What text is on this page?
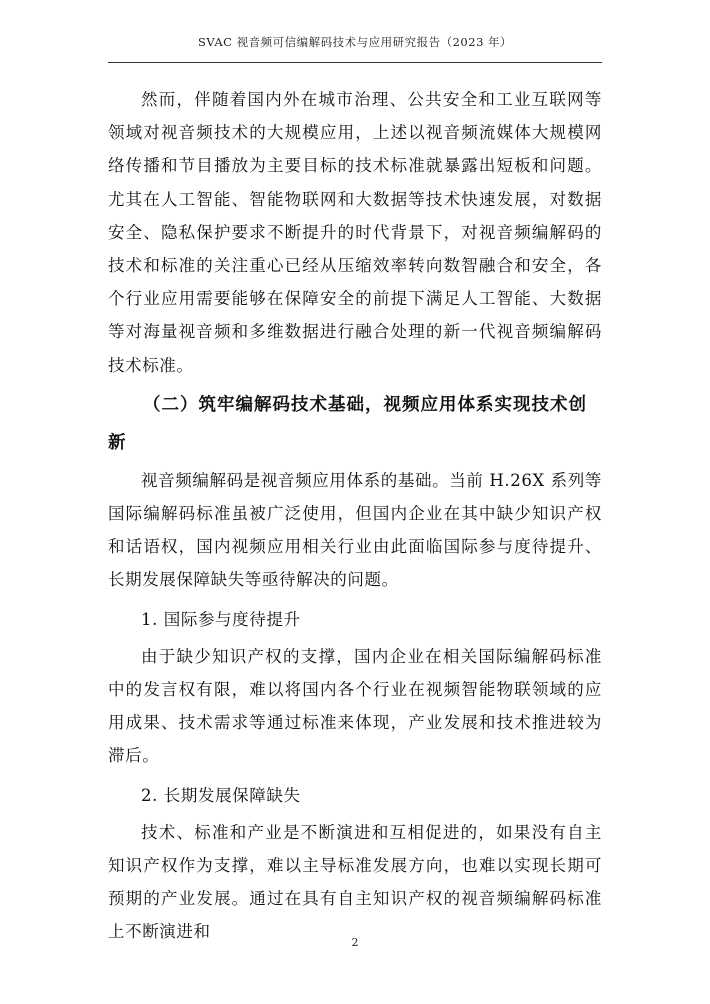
SVAC 视音频可信编解码技术与应用研究报告（2023 年）

然而，伴随着国内外在城市治理、公共安全和工业互联网等领域对视音频技术的大规模应用，上述以视音频流媒体大规模网络传播和节目播放为主要目标的技术标准就暴露出短板和问题。尤其在人工智能、智能物联网和大数据等技术快速发展，对数据安全、隐私保护要求不断提升的时代背景下，对视音频编解码的技术和标准的关注重心已经从压缩效率转向数智融合和安全，各个行业应用需要能够在保障安全的前提下满足人工智能、大数据等对海量视音频和多维数据进行融合处理的新一代视音频编解码技术标准。

（二）筑牢编解码技术基础，视频应用体系实现技术创新

视音频编解码是视音频应用体系的基础。当前 H.26X 系列等国际编解码标准虽被广泛使用，但国内企业在其中缺少知识产权和话语权，国内视频应用相关行业由此面临国际参与度待提升、长期发展保障缺失等亟待解决的问题。

1. 国际参与度待提升

由于缺少知识产权的支撑，国内企业在相关国际编解码标准中的发言权有限，难以将国内各个行业在视频智能物联领域的应用成果、技术需求等通过标准来体现，产业发展和技术推进较为滞后。

2. 长期发展保障缺失

技术、标准和产业是不断演进和互相促进的，如果没有自主知识产权作为支撑，难以主导标准发展方向，也难以实现长期可预期的产业发展。通过在具有自主知识产权的视音频编解码标准上不断演进和

2
